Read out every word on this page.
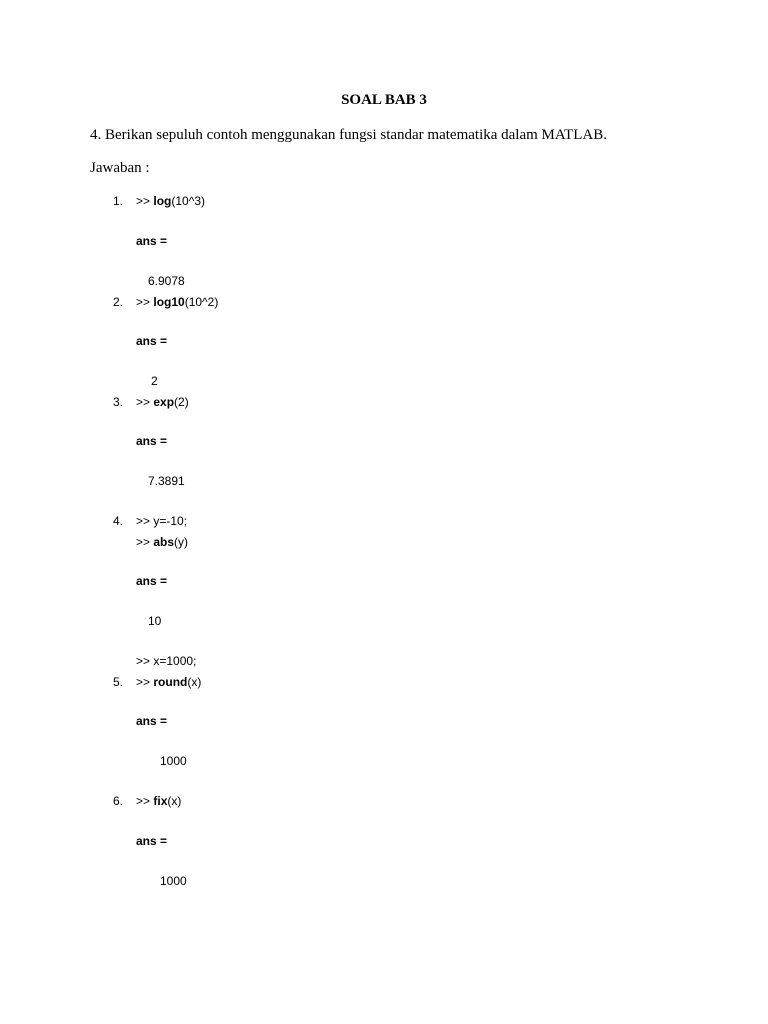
SOAL BAB 3
4. Berikan sepuluh contoh menggunakan fungsi standar matematika dalam MATLAB.
Jawaban :
1. >> log(10^3)
ans =
6.9078
2. >> log10(10^2)
ans =
2
3. >> exp(2)
ans =
7.3891
4. >> y=-10;
>> abs(y)
ans =
10
>> x=1000;
5. >> round(x)
ans =
1000
6. >> fix(x)
ans =
1000
